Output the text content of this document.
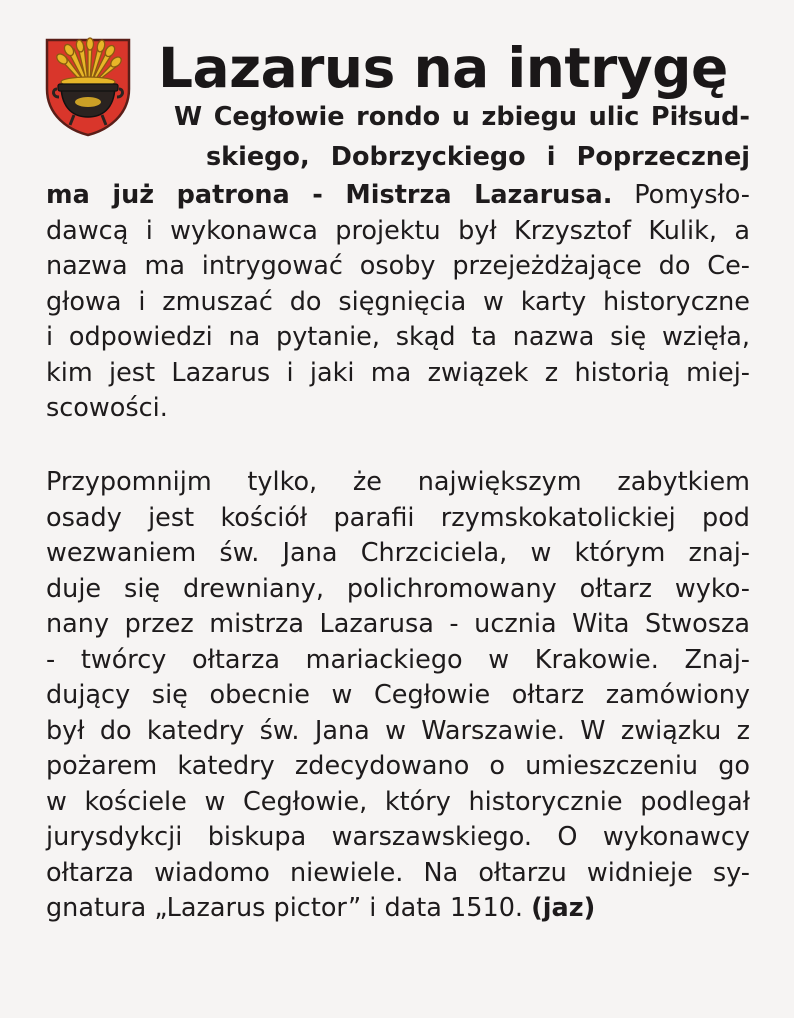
Lazarus na intrygę

W Cegłowie rondo u zbiegu ulic Piłsud-

skiego, Dobrzyckiego i Poprzecznej

ma już patrona - Mistrza Lazarusa. Pomysło-
dawcą i wykonawca projektu był Krzysztof Kulik, a
nazwa ma intrygować osoby przejeżdżające do Ce-
głowa i zmuszać do sięgnięcia w karty historyczne
i odpowiedzi na pytanie, skąd ta nazwa się wzięła,
kim jest Lazarus i jaki ma związek z historią miej-
scowości.
Przypomnijm tylko, że największym zabytkiem
osady jest kościół parafii rzymskokatolickiej pod
wezwaniem św. Jana Chrzciciela, w którym znaj-
duje się drewniany, polichromowany ołtarz wyko-
nany przez mistrza Lazarusa - ucznia Wita Stwosza
- twórcy ołtarza mariackiego w Krakowie. Znaj-
dujący się obecnie w Cegłowie ołtarz zamówiony
był do katedry św. Jana w Warszawie. W związku z
pożarem katedry zdecydowano o umieszczeniu go
w kościele w Cegłowie, który historycznie podlegał
jurysdykcji biskupa warszawskiego. O wykonawcy
ołtarza wiadomo niewiele. Na ołtarzu widnieje sy-
gnatura „Lazarus pictor” i data 1510. (jaz)
